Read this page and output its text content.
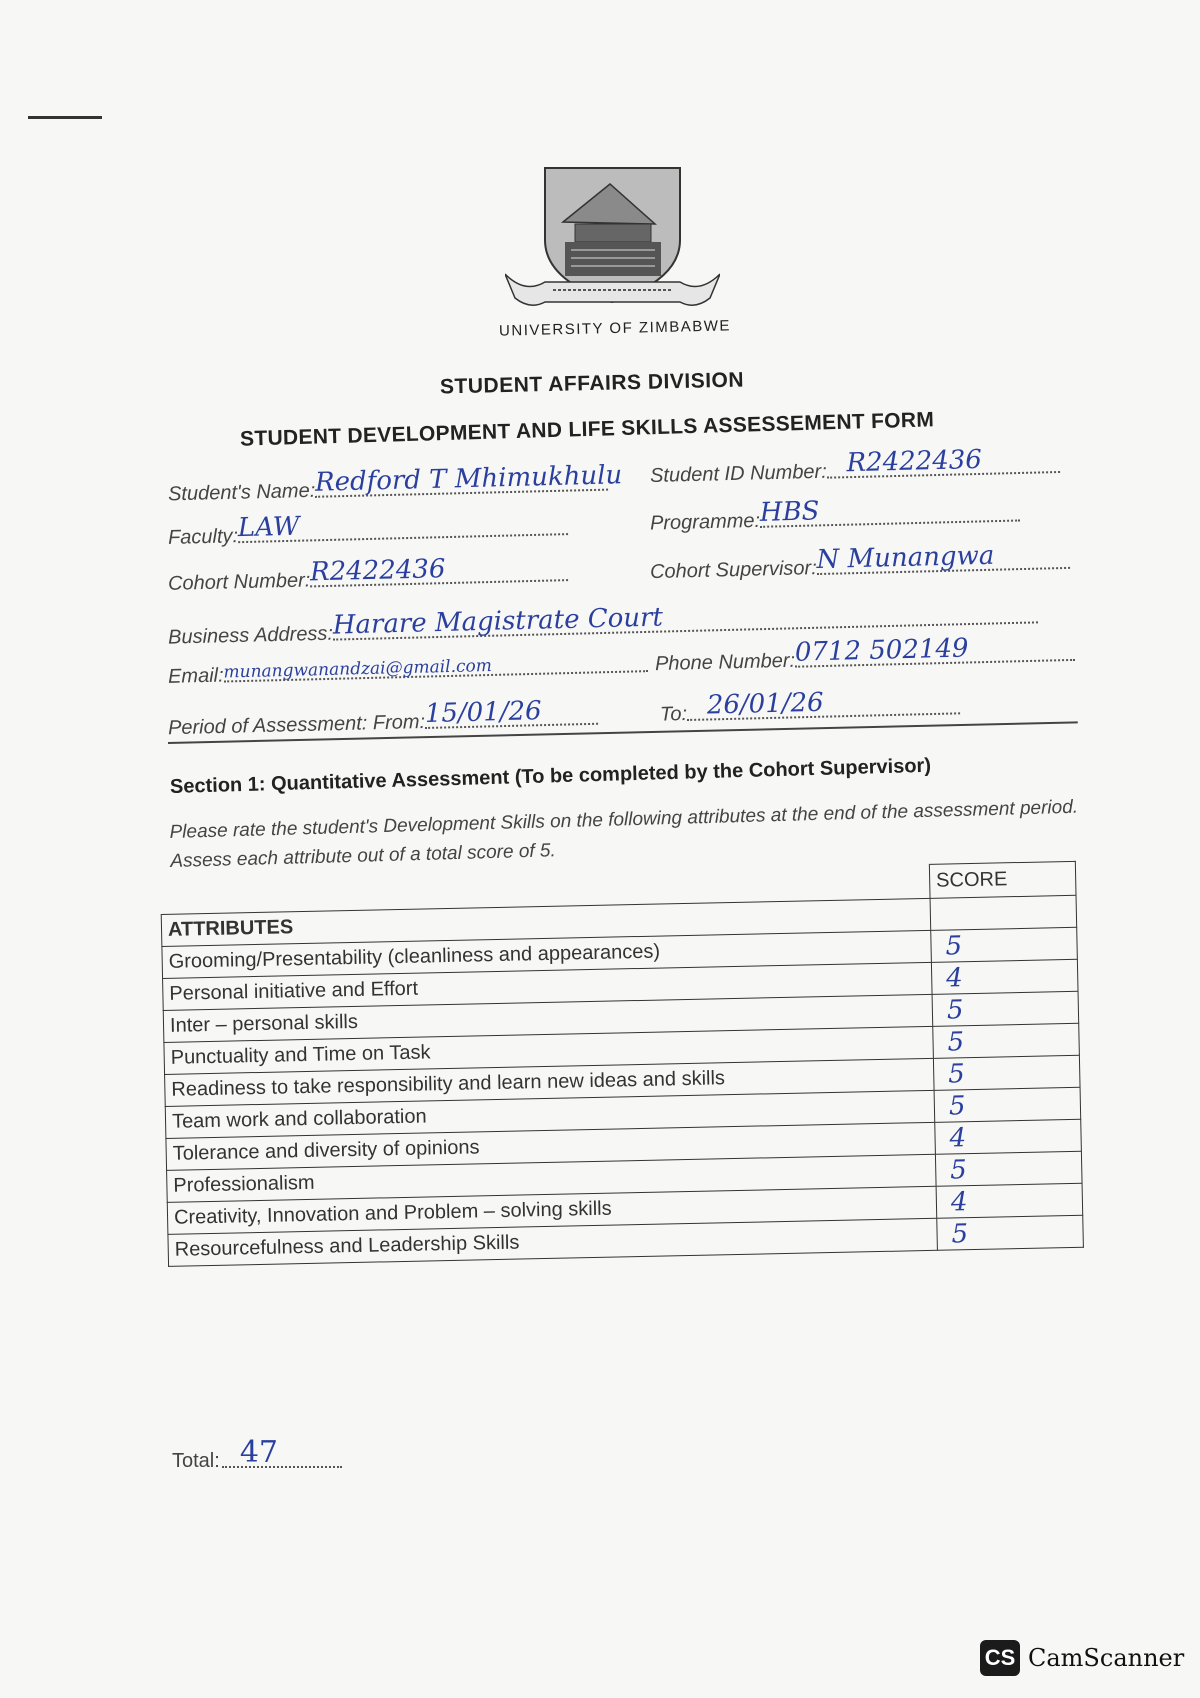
UNIVERSITY OF ZIMBABWE
STUDENT AFFAIRS DIVISION
STUDENT DEVELOPMENT AND LIFE SKILLS ASSESSEMENT FORM
Student's Name: Redford T Mhimukhulu Student ID Number: R2422436
Faculty: LAW	Programme: HBS
Cohort Number: R2422436	Cohort Supervisor: N Munangwa
Business Address: Harare Magistrate Court
Email: munangwanandzai@gmail.com	Phone Number: 0712 502149
Period of Assessment: From: 15/01/26	To: 26/01/26
Section 1: Quantitative Assessment (To be completed by the Cohort Supervisor)
Please rate the student's Development Skills on the following attributes at the end of the assessment period. Assess each attribute out of a total score of 5.
	SCORE
ATTRIBUTES	
Grooming/Presentability (cleanliness and appearances)	5
Personal initiative and Effort	4
Inter – personal skills	5
Punctuality and Time on Task	5
Readiness to take responsibility and learn new ideas and skills	5
Team work and collaboration	5
Tolerance and diversity of opinions	4
Professionalism	5
Creativity, Innovation and Problem – solving skills	4
Resourcefulness and Leadership Skills	5
Total: 47
CS CamScanner
